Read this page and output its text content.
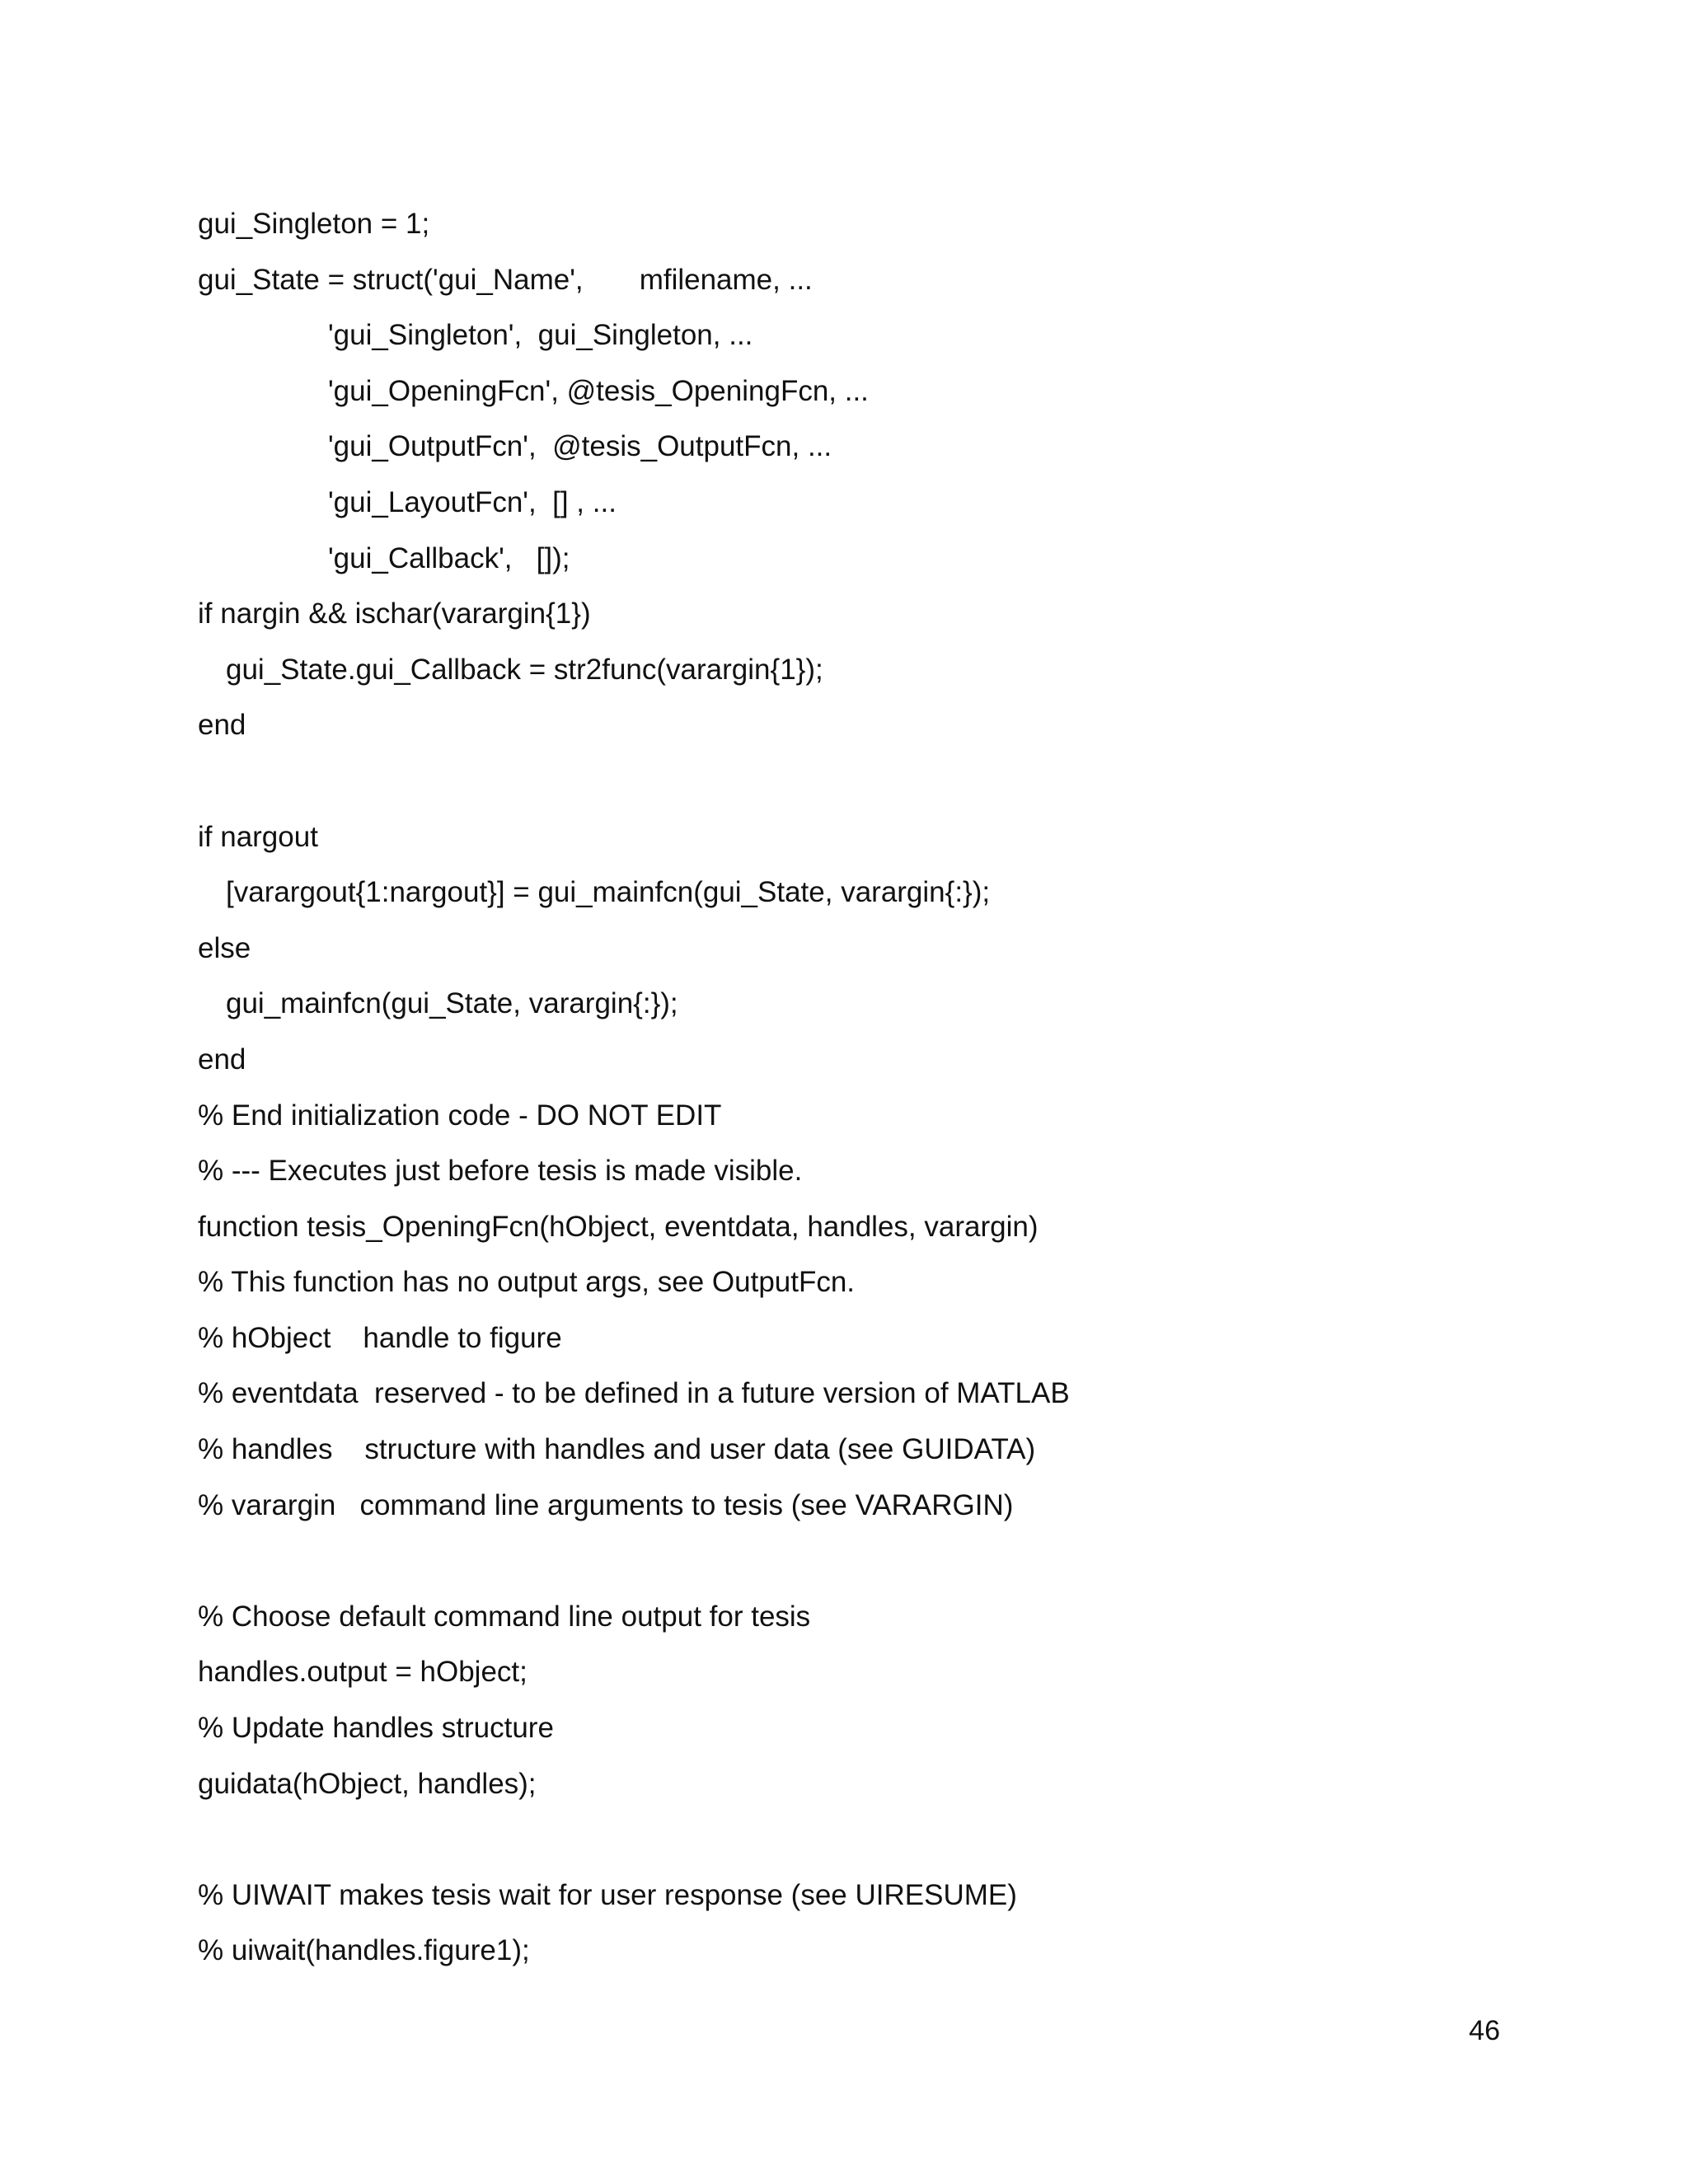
gui_Singleton = 1;
gui_State = struct('gui_Name',       mfilename, ...
'gui_Singleton',  gui_Singleton, ...
'gui_OpeningFcn', @tesis_OpeningFcn, ...
'gui_OutputFcn',  @tesis_OutputFcn, ...
'gui_LayoutFcn',  [] , ...
'gui_Callback',   []);
if nargin && ischar(varargin{1})
gui_State.gui_Callback = str2func(varargin{1});
end
if nargout
[varargout{1:nargout}] = gui_mainfcn(gui_State, varargin{:});
else
gui_mainfcn(gui_State, varargin{:});
end
% End initialization code - DO NOT EDIT
% --- Executes just before tesis is made visible.
function tesis_OpeningFcn(hObject, eventdata, handles, varargin)
% This function has no output args, see OutputFcn.
% hObject    handle to figure
% eventdata  reserved - to be defined in a future version of MATLAB
% handles    structure with handles and user data (see GUIDATA)
% varargin   command line arguments to tesis (see VARARGIN)
% Choose default command line output for tesis
handles.output = hObject;
% Update handles structure
guidata(hObject, handles);
% UIWAIT makes tesis wait for user response (see UIRESUME)
% uiwait(handles.figure1);
46
